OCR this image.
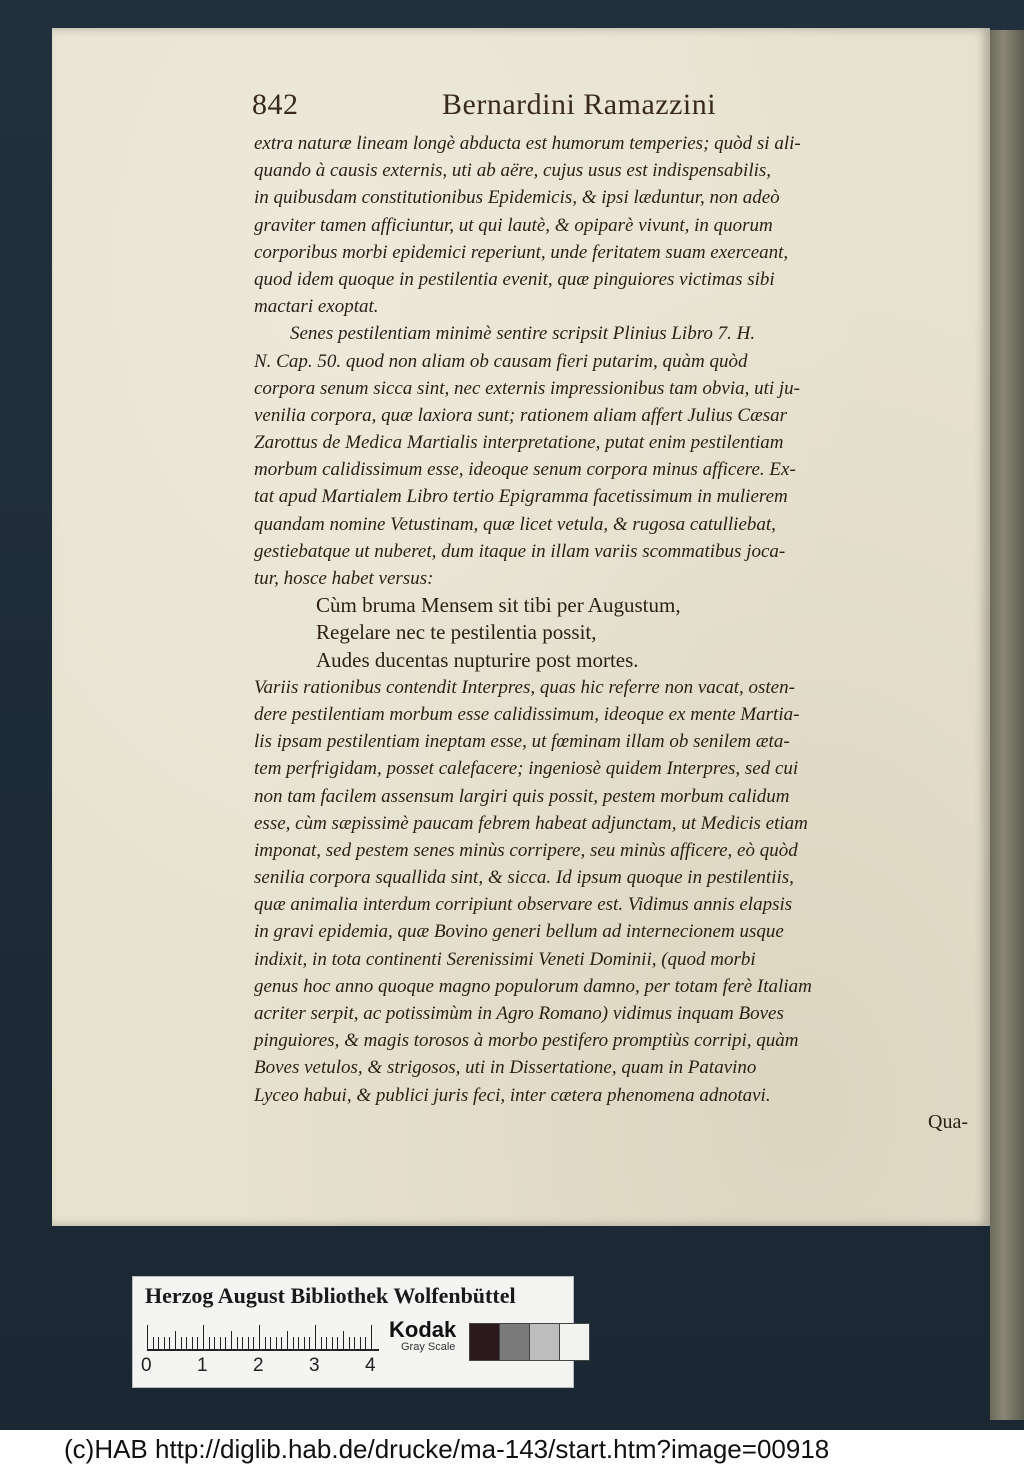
842	Bernardini Ramazzini
extra naturæ lineam longè abducta est humorum temperies; quòd si ali-
quando à causis externis, uti ab aëre, cujus usus est indispensabilis,
in quibusdam constitutionibus Epidemicis, & ipsi læduntur, non adeò
graviter tamen afficiuntur, ut qui lautè, & opiparè vivunt, in quorum
corporibus morbi epidemici reperiunt, unde feritatem suam exerceant,
quod idem quoque in pestilentia evenit, quæ pinguiores victimas sibi
mactari exoptat.
Senes pestilentiam minimè sentire scripsit Plinius Libro 7. H.
N. Cap. 50. quod non aliam ob causam fieri putarim, quàm quòd
corpora senum sicca sint, nec externis impressionibus tam obvia, uti ju-
venilia corpora, quæ laxiora sunt; rationem aliam affert Julius Cæsar
Zarottus de Medica Martialis interpretatione, putat enim pestilentiam
morbum calidissimum esse, ideoque senum corpora minus afficere. Ex-
tat apud Martialem Libro tertio Epigramma facetissimum in mulierem
quandam nomine Vetustinam, quæ licet vetula, & rugosa catulliebat,
gestiebatque ut nuberet, dum itaque in illam variis scommatibus joca-
tur, hosce habet versus:
Cùm bruma Mensem sit tibi per Augustum,
Regelare nec te pestilentia possit,
Audes ducentas nupturire post mortes.
Variis rationibus contendit Interpres, quas hic referre non vacat, osten-
dere pestilentiam morbum esse calidissimum, ideoque ex mente Martia-
lis ipsam pestilentiam ineptam esse, ut fœminam illam ob senilem æta-
tem perfrigidam, posset calefacere; ingeniosè quidem Interpres, sed cui
non tam facilem assensum largiri quis possit, pestem morbum calidum
esse, cùm sæpissimè paucam febrem habeat adjunctam, ut Medicis etiam
imponat, sed pestem senes minùs corripere, seu minùs afficere, eò quòd
senilia corpora squallida sint, & sicca. Id ipsum quoque in pestilentiis,
quæ animalia interdum corripiunt observare est. Vidimus annis elapsis
in gravi epidemia, quæ Bovino generi bellum ad internecionem usque
indixit, in tota continenti Serenissimi Veneti Dominii, (quod morbi
genus hoc anno quoque magno populorum damno, per totam ferè Italiam
acriter serpit, ac potissimùm in Agro Romano) vidimus inquam Boves
pinguiores, & magis torosos à morbo pestifero promptiùs corripi, quàm
Boves vetulos, & strigosos, uti in Dissertatione, quam in Patavino
Lyceo habui, & publici juris feci, inter cætera phenomena adnotavi.
Qua-
Herzog August Bibliothek Wolfenbüttel
0 1 2 3 4
Kodak
Gray Scale
(c)HAB http://diglib.hab.de/drucke/ma-143/start.htm?image=00918
